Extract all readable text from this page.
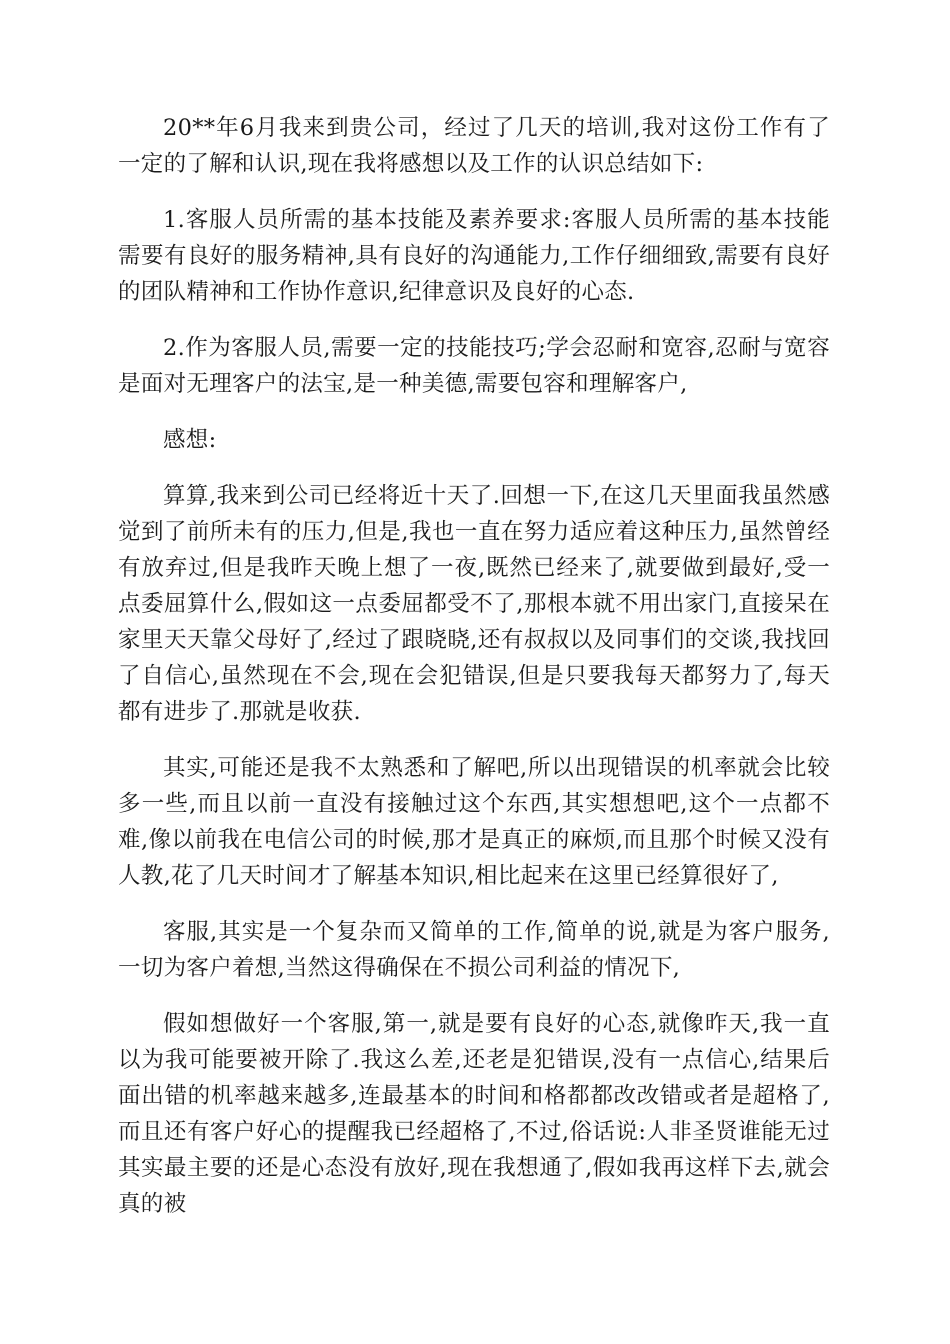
20**年6月我来到贵公司，经过了几天的培训,我对这份工作有了一定的了解和认识,现在我将感想以及工作的认识总结如下:

1.客服人员所需的基本技能及素养要求:客服人员所需的基本技能需要有良好的服务精神,具有良好的沟通能力,工作仔细细致,需要有良好的团队精神和工作协作意识,纪律意识及良好的心态.

2.作为客服人员,需要一定的技能技巧;学会忍耐和宽容,忍耐与宽容是面对无理客户的法宝,是一种美德,需要包容和理解客户,

感想:

算算,我来到公司已经将近十天了.回想一下,在这几天里面我虽然感觉到了前所未有的压力,但是,我也一直在努力适应着这种压力,虽然曾经有放弃过,但是我昨天晚上想了一夜,既然已经来了,就要做到最好,受一点委屈算什么,假如这一点委屈都受不了,那根本就不用出家门,直接呆在家里天天靠父母好了,经过了跟晓晓,还有叔叔以及同事们的交谈,我找回了自信心,虽然现在不会,现在会犯错误,但是只要我每天都努力了,每天都有进步了.那就是收获.

其实,可能还是我不太熟悉和了解吧,所以出现错误的机率就会比较多一些,而且以前一直没有接触过这个东西,其实想想吧,这个一点都不难,像以前我在电信公司的时候,那才是真正的麻烦,而且那个时候又没有人教,花了几天时间才了解基本知识,相比起来在这里已经算很好了,

客服,其实是一个复杂而又简单的工作,简单的说,就是为客户服务,一切为客户着想,当然这得确保在不损公司利益的情况下,

假如想做好一个客服,第一,就是要有良好的心态,就像昨天,我一直以为我可能要被开除了.我这么差,还老是犯错误,没有一点信心,结果后面出错的机率越来越多,连最基本的时间和格都都改改错或者是超格了,而且还有客户好心的提醒我已经超格了,不过,俗话说:人非圣贤谁能无过其实最主要的还是心态没有放好,现在我想通了,假如我再这样下去,就会真的被
